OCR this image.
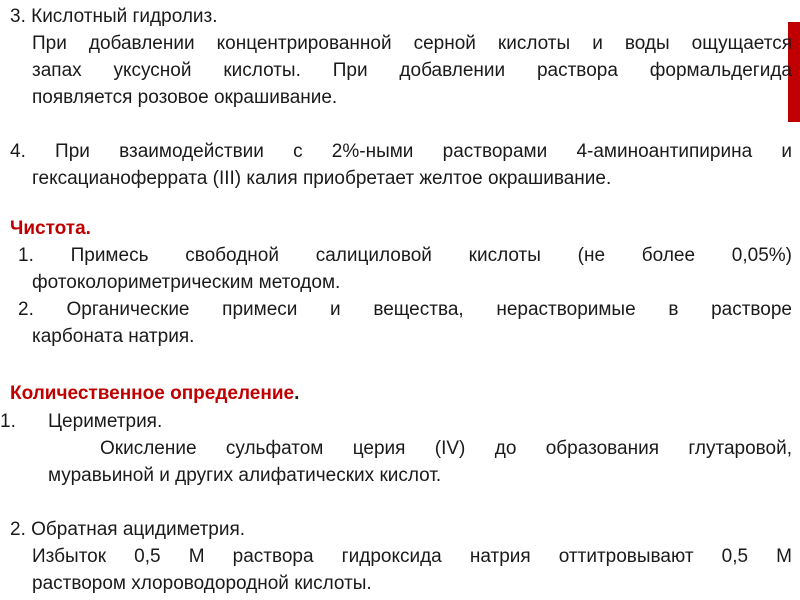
3. Кислотный гидролиз.
При добавлении концентрированной серной кислоты и воды ощущается
запах уксусной кислоты. При добавлении раствора формальдегида
появляется розовое окрашивание.
4. При взаимодействии с 2%-ными растворами 4-аминоантипирина и
гексацианоферрата (III) калия приобретает желтое окрашивание.
Чистота.
1. Примесь свободной салициловой кислоты (не более 0,05%)
фотоколориметрическим методом.
2. Органические примеси и вещества, нерастворимые в растворе
карбоната натрия.
Количественное определение.
1. Цериметрия.
Окисление сульфатом церия (IV) до образования глутаровой,
муравьиной и других алифатических кислот.
2. Обратная ацидиметрия.
Избыток 0,5 М раствора гидроксида натрия оттитровывают 0,5 М
раствором хлороводородной кислоты.
